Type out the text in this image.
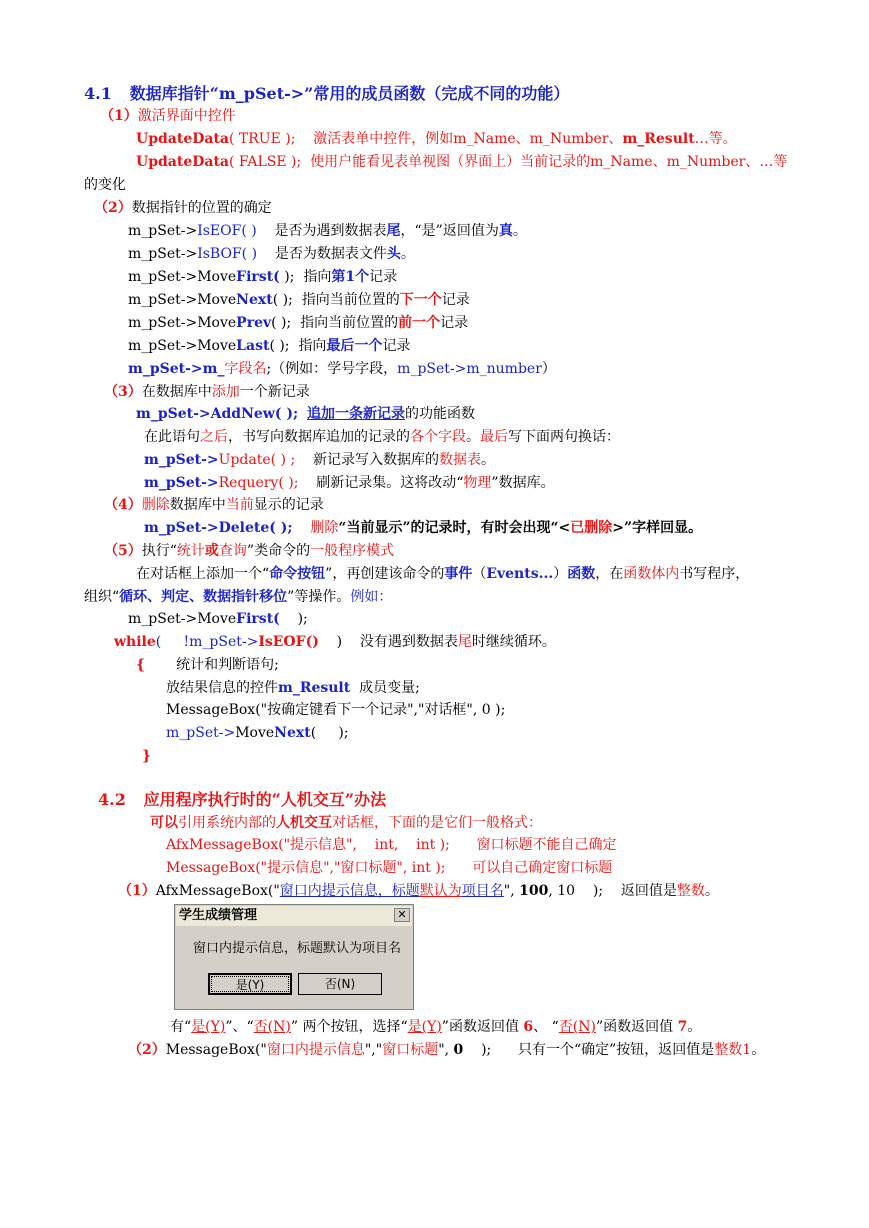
4.1 数据库指针“m_pSet->”常用的成员函数（完成不同的功能）
（1）激活界面中控件
UpdateData( TRUE ); 激活表单中控件，例如m_Name、m_Number、m_Result…等。
UpdateData( FALSE ); 使用户能看见表单视图（界面上）当前记录的m_Name、m_Number、…等
的变化
（2）数据指针的位置的确定
m_pSet->IsEOF( ) 是否为遇到数据表尾，“是”返回值为真。
m_pSet->IsBOF( ) 是否为数据表文件头。
m_pSet->MoveFirst( ); 指向第1个记录
m_pSet->MoveNext( ); 指向当前位置的下一个记录
m_pSet->MovePrev( ); 指向当前位置的前一个记录
m_pSet->MoveLast( ); 指向最后一个记录
m_pSet->m_字段名;（例如：学号字段，m_pSet->m_number）
（3）在数据库中添加一个新记录
m_pSet->AddNew( ); 追加一条新记录的功能函数
在此语句之后，书写向数据库追加的记录的各个字段。最后写下面两句换话：
m_pSet->Update( ) ; 新记录写入数据库的数据表。
m_pSet->Requery( ); 刷新记录集。这将改动“物理”数据库。
（4）删除数据库中当前显示的记录
m_pSet->Delete( ); 删除“当前显示”的记录时，有时会出现“<已删除>”字样回显。
（5）执行“统计或查询”类命令的一般程序模式
在对话框上添加一个“命令按钮”，再创建该命令的事件（Events...）函数，在函数体内书写程序，
组织“循环、判定、数据指针移位”等操作。例如：
m_pSet->MoveFirst(    );
while(     !m_pSet->IsEOF()    ) 没有遇到数据表尾时继续循环。
{ 统计和判断语句;
放结果信息的控件m_Result  成员变量;
MessageBox("按确定键看下一个记录","对话框", 0 );
m_pSet->MoveNext(     );
}
4.2 应用程序执行时的“人机交互”办法
可以引用系统内部的人机交互对话框，下面的是它们一般格式：
AfxMessageBox("提示信息",    int,    int ); 窗口标题不能自己确定
MessageBox("提示信息","窗口标题", int ); 可以自己确定窗口标题
（1）AfxMessageBox("窗口内提示信息，标题默认为项目名", 100, 10    ); 返回值是整数。
学生成绩管理	✕
窗口内提示信息，标题默认为项目名
是(Y)	否(N)
有“是(Y)”、“否(N)” 两个按钮，选择“是(Y)”函数返回值 6、 “否(N)”函数返回值 7。
（2）MessageBox("窗口内提示信息","窗口标题", 0    ); 只有一个“确定”按钮，返回值是整数1。
